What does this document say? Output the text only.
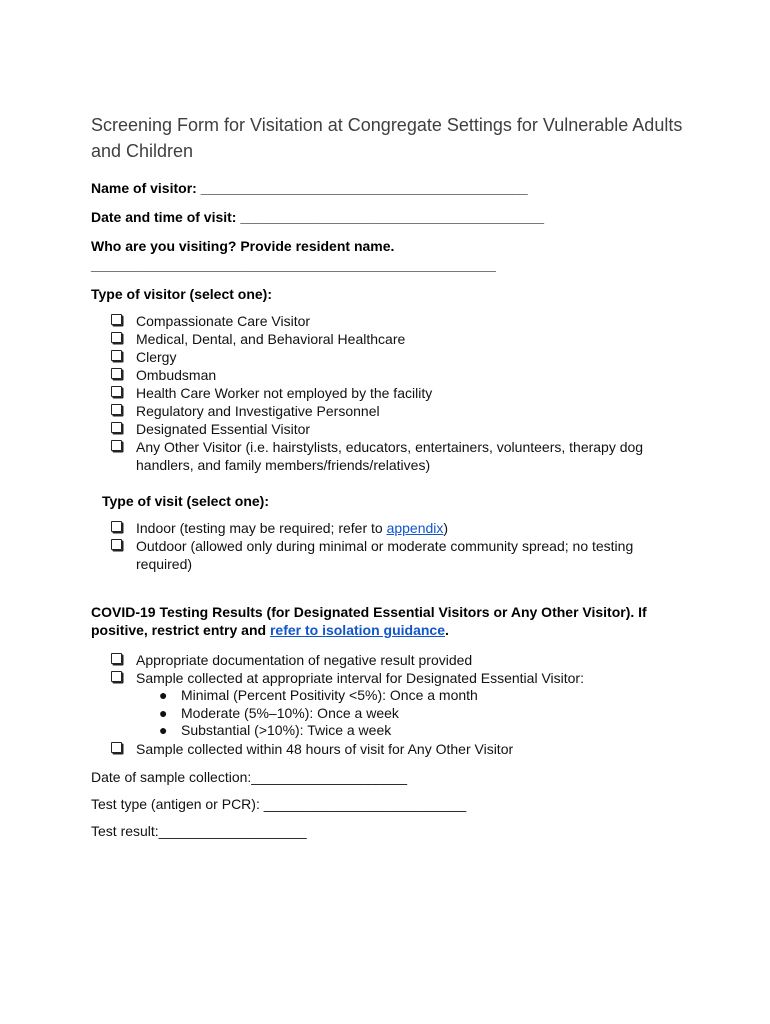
Screening Form for Visitation at Congregate Settings for Vulnerable Adults and Children

Name of visitor: __________________________________________

Date and time of visit: _______________________________________

Who are you visiting? Provide resident name.

____________________________________________________
Type of visitor (select one):
Compassionate Care Visitor
Medical, Dental, and Behavioral Healthcare
Clergy
Ombudsman
Health Care Worker not employed by the facility
Regulatory and Investigative Personnel
Designated Essential Visitor
Any Other Visitor (i.e. hairstylists, educators, entertainers, volunteers, therapy dog handlers, and family members/friends/relatives)
Type of visit (select one):
Indoor (testing may be required; refer to appendix)
Outdoor (allowed only during minimal or moderate community spread; no testing required)
COVID-19 Testing Results (for Designated Essential Visitors or Any Other Visitor). If positive, restrict entry and refer to isolation guidance.
Appropriate documentation of negative result provided
Sample collected at appropriate interval for Designated Essential Visitor:
● Minimal (Percent Positivity <5%): Once a month
● Moderate (5%–10%): Once a week
● Substantial (>10%): Twice a week
Sample collected within 48 hours of visit for Any Other Visitor
Date of sample collection:____________________
Test type (antigen or PCR): __________________________
Test result:___________________
